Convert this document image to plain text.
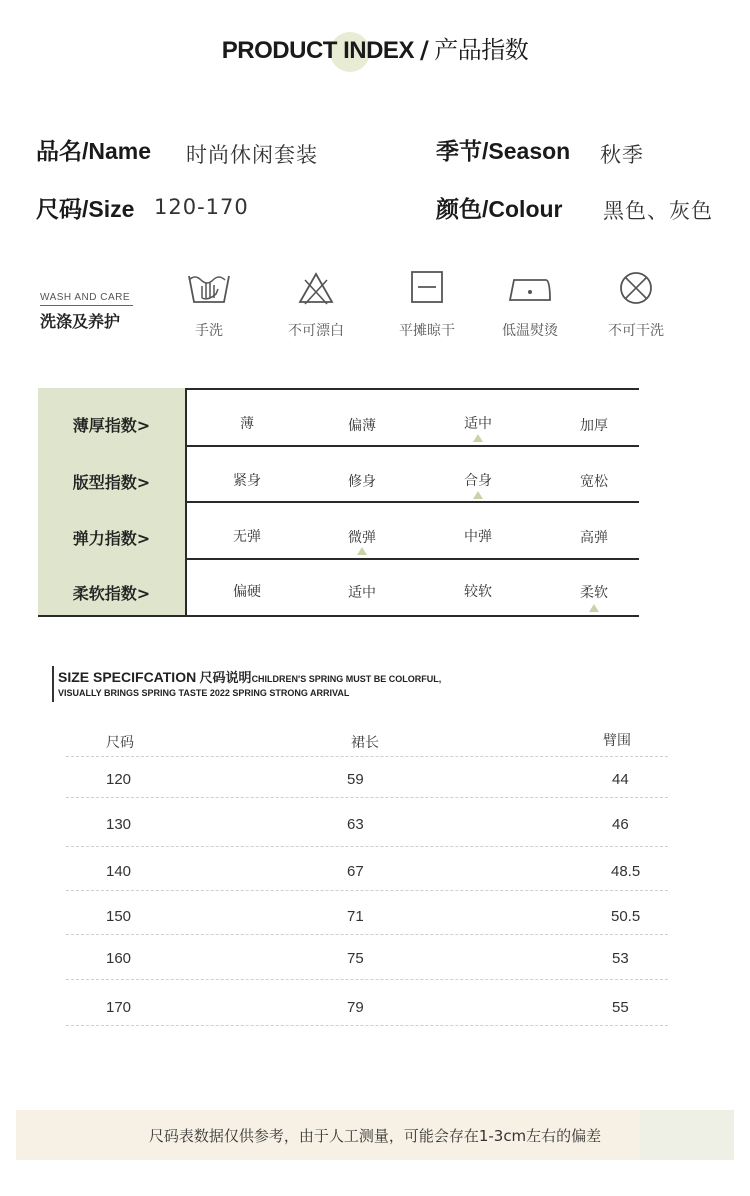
PRODUCT INDEX / 产品指数
品名/Name 时尚休闲套装	季节/Season 秋季
尺码/Size 120-170	颜色/Colour 黑色、灰色
WASH AND CARE
洗涤及养护	手洗	不可漂白	平摊晾干	低温熨烫	不可干洗
薄厚指数>	薄	偏薄	适中	加厚
版型指数>	紧身	修身	合身	宽松
弹力指数>	无弹	微弹	中弹	高弹
柔软指数>	偏硬	适中	较软	柔软
SIZE SPECIFCATION 尺码说明CHILDREN'S SPRING MUST BE COLORFUL,
VISUALLY BRINGS SPRING TASTE 2022 SPRING STRONG ARRIVAL
尺码	裙长	臂围
120	59	44
130	63	46
140	67	48.5
150	71	50.5
160	75	53
170	79	55
尺码表数据仅供参考，由于人工测量，可能会存在1-3cm左右的偏差
